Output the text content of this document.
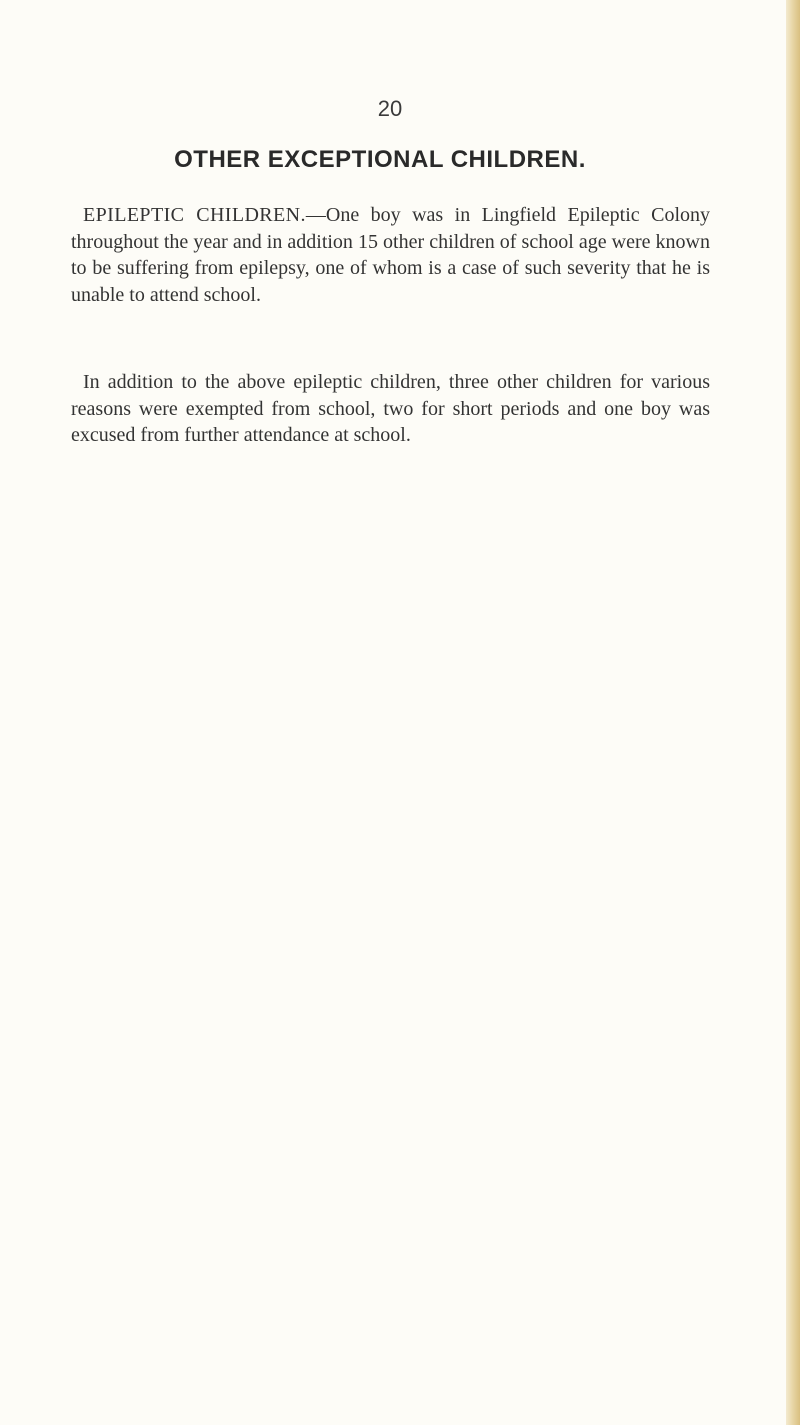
20
OTHER EXCEPTIONAL CHILDREN.

EPILEPTIC CHILDREN.—One boy was in Lingfield Epileptic Colony throughout the year and in addition 15 other children of school age were known to be suffering from epilepsy, one of whom is a case of such severity that he is unable to attend school.

In addition to the above epileptic children, three other children for various reasons were exempted from school, two for short periods and one boy was excused from further attendance at school.
